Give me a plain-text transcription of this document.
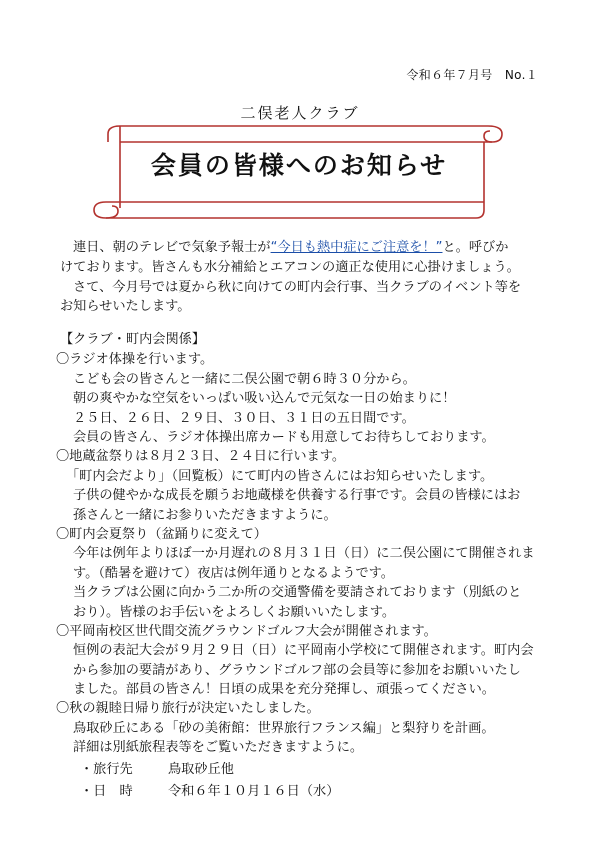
令和６年７月号　No.１
二俣老人クラブ
会員の皆様へのお知らせ
連日、朝のテレビで気象予報士が“今日も熱中症にご注意を！”と。呼びか
けております。皆さんも水分補給とエアコンの適正な使用に心掛けましょう。
さて、今月号では夏から秋に向けての町内会行事、当クラブのイベント等を
お知らせいたします。
【クラブ・町内会関係】
〇ラジオ体操を行います。
こども会の皆さんと一緒に二俣公園で朝６時３０分から。
朝の爽やかな空気をいっぱい吸い込んで元気な一日の始まりに！
２５日、２６日、２９日、３０日、３１日の五日間です。
会員の皆さん、ラジオ体操出席カードも用意してお待ちしております。
〇地蔵盆祭りは８月２３日、２４日に行います。
「町内会だより」（回覧板）にて町内の皆さんにはお知らせいたします。
子供の健やかな成長を願うお地蔵様を供養する行事です。会員の皆様にはお
孫さんと一緒にお参りいただきますように。
〇町内会夏祭り（盆踊りに変えて）
今年は例年よりほぼ一か月遅れの８月３１日（日）に二俣公園にて開催されま
す。（酷暑を避けて）夜店は例年通りとなるようです。
当クラブは公園に向かう二か所の交通警備を要請されております（別紙のと
おり）。皆様のお手伝いをよろしくお願いいたします。
〇平岡南校区世代間交流グラウンドゴルフ大会が開催されます。
恒例の表記大会が９月２９日（日）に平岡南小学校にて開催されます。町内会
から参加の要請があり、グラウンドゴルフ部の会員等に参加をお願いいたし
ました。部員の皆さん！日頃の成果を充分発揮し、頑張ってください。
〇秋の親睦日帰り旅行が決定いたしました。
鳥取砂丘にある「砂の美術館：世界旅行フランス編」と梨狩りを計画。
詳細は別紙旅程表等をご覧いただきますように。
・旅行先	鳥取砂丘他
・日　時	令和６年１０月１６日（水）
